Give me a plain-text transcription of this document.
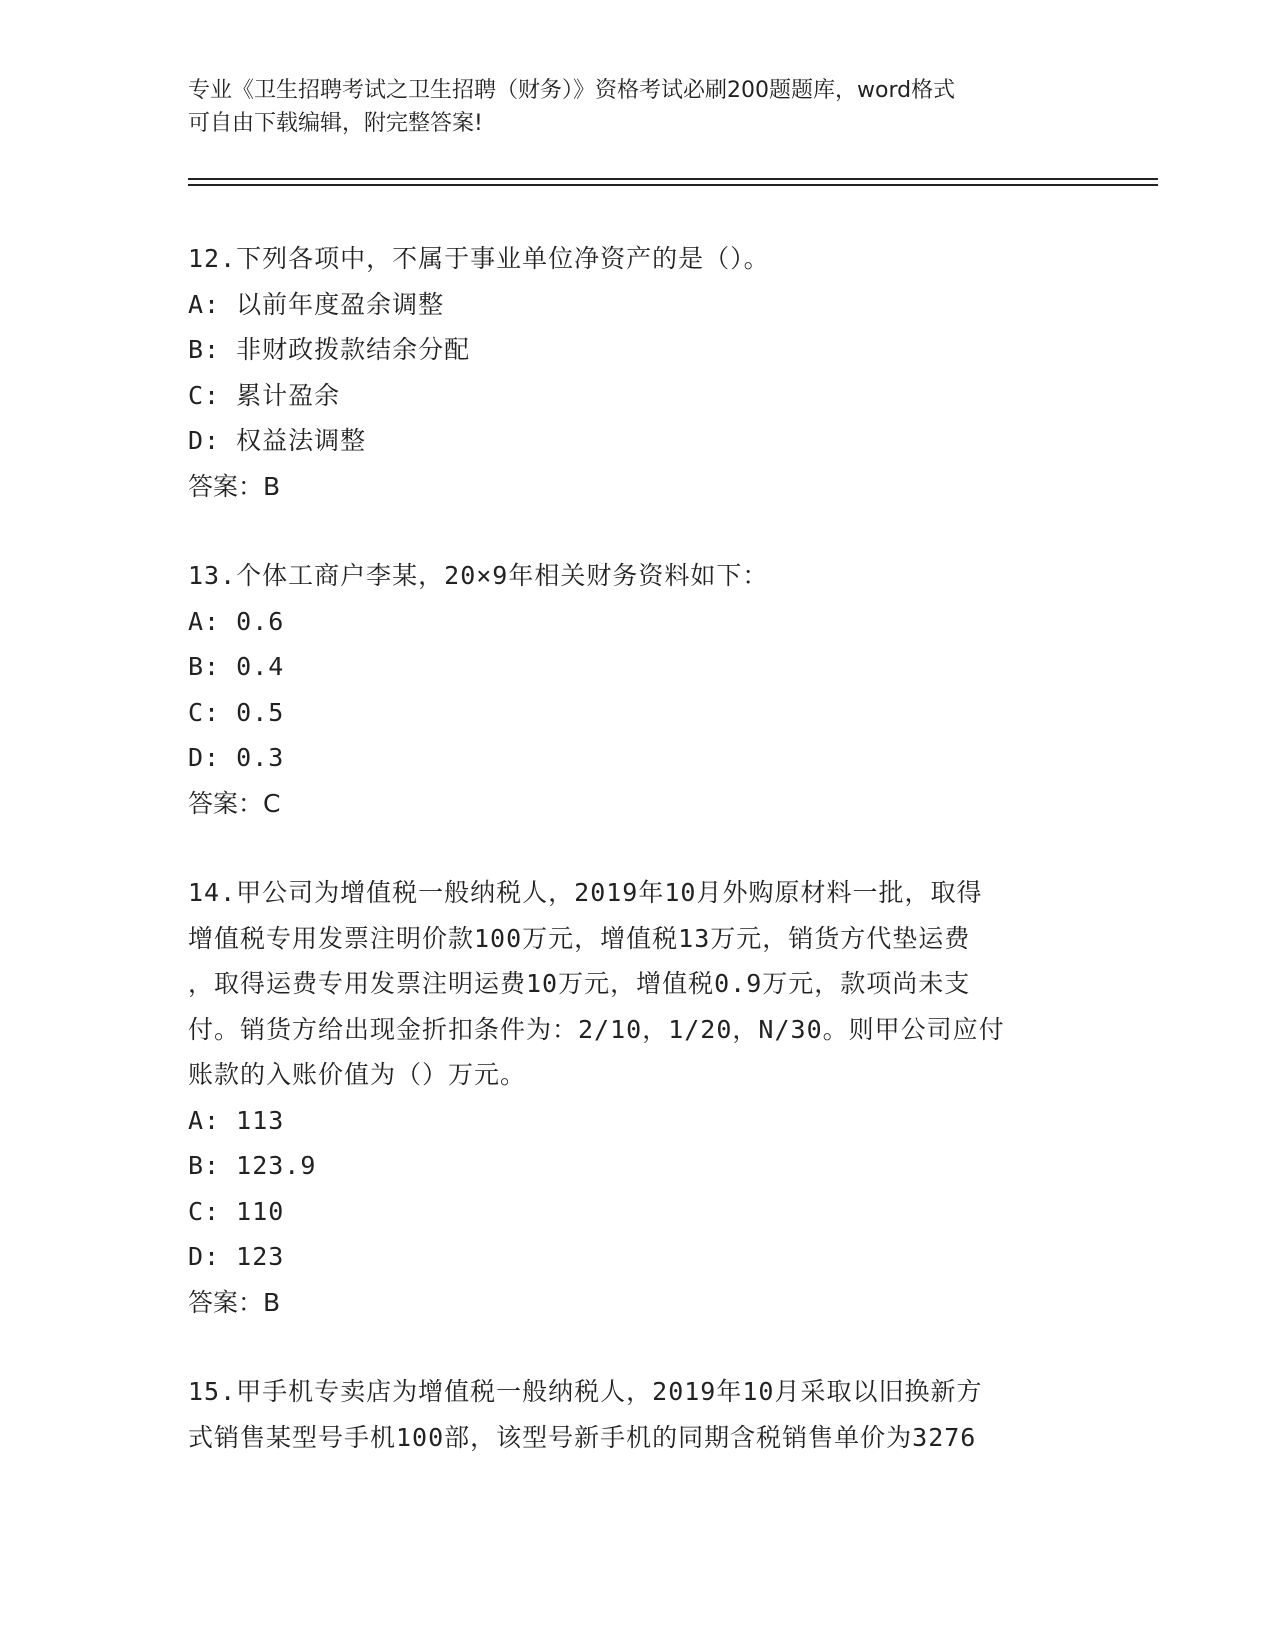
专业《卫生招聘考试之卫生招聘（财务）》资格考试必刷200题题库，word格式
可自由下载编辑，附完整答案!
12.下列各项中，不属于事业单位净资产的是（）。
A: 以前年度盈余调整
B: 非财政拨款结余分配
C: 累计盈余
D: 权益法调整
答案：B
13.个体工商户李某，20×9年相关财务资料如下：
A: 0.6
B: 0.4
C: 0.5
D: 0.3
答案：C
14.甲公司为增值税一般纳税人，2019年10月外购原材料一批，取得
增值税专用发票注明价款100万元，增值税13万元，销货方代垫运费
，取得运费专用发票注明运费10万元，增值税0.9万元，款项尚未支
付。销货方给出现金折扣条件为：2/10，1/20，N/30。则甲公司应付
账款的入账价值为（）万元。
A: 113
B: 123.9
C: 110
D: 123
答案：B
15.甲手机专卖店为增值税一般纳税人，2019年10月采取以旧换新方
式销售某型号手机100部，该型号新手机的同期含税销售单价为3276
